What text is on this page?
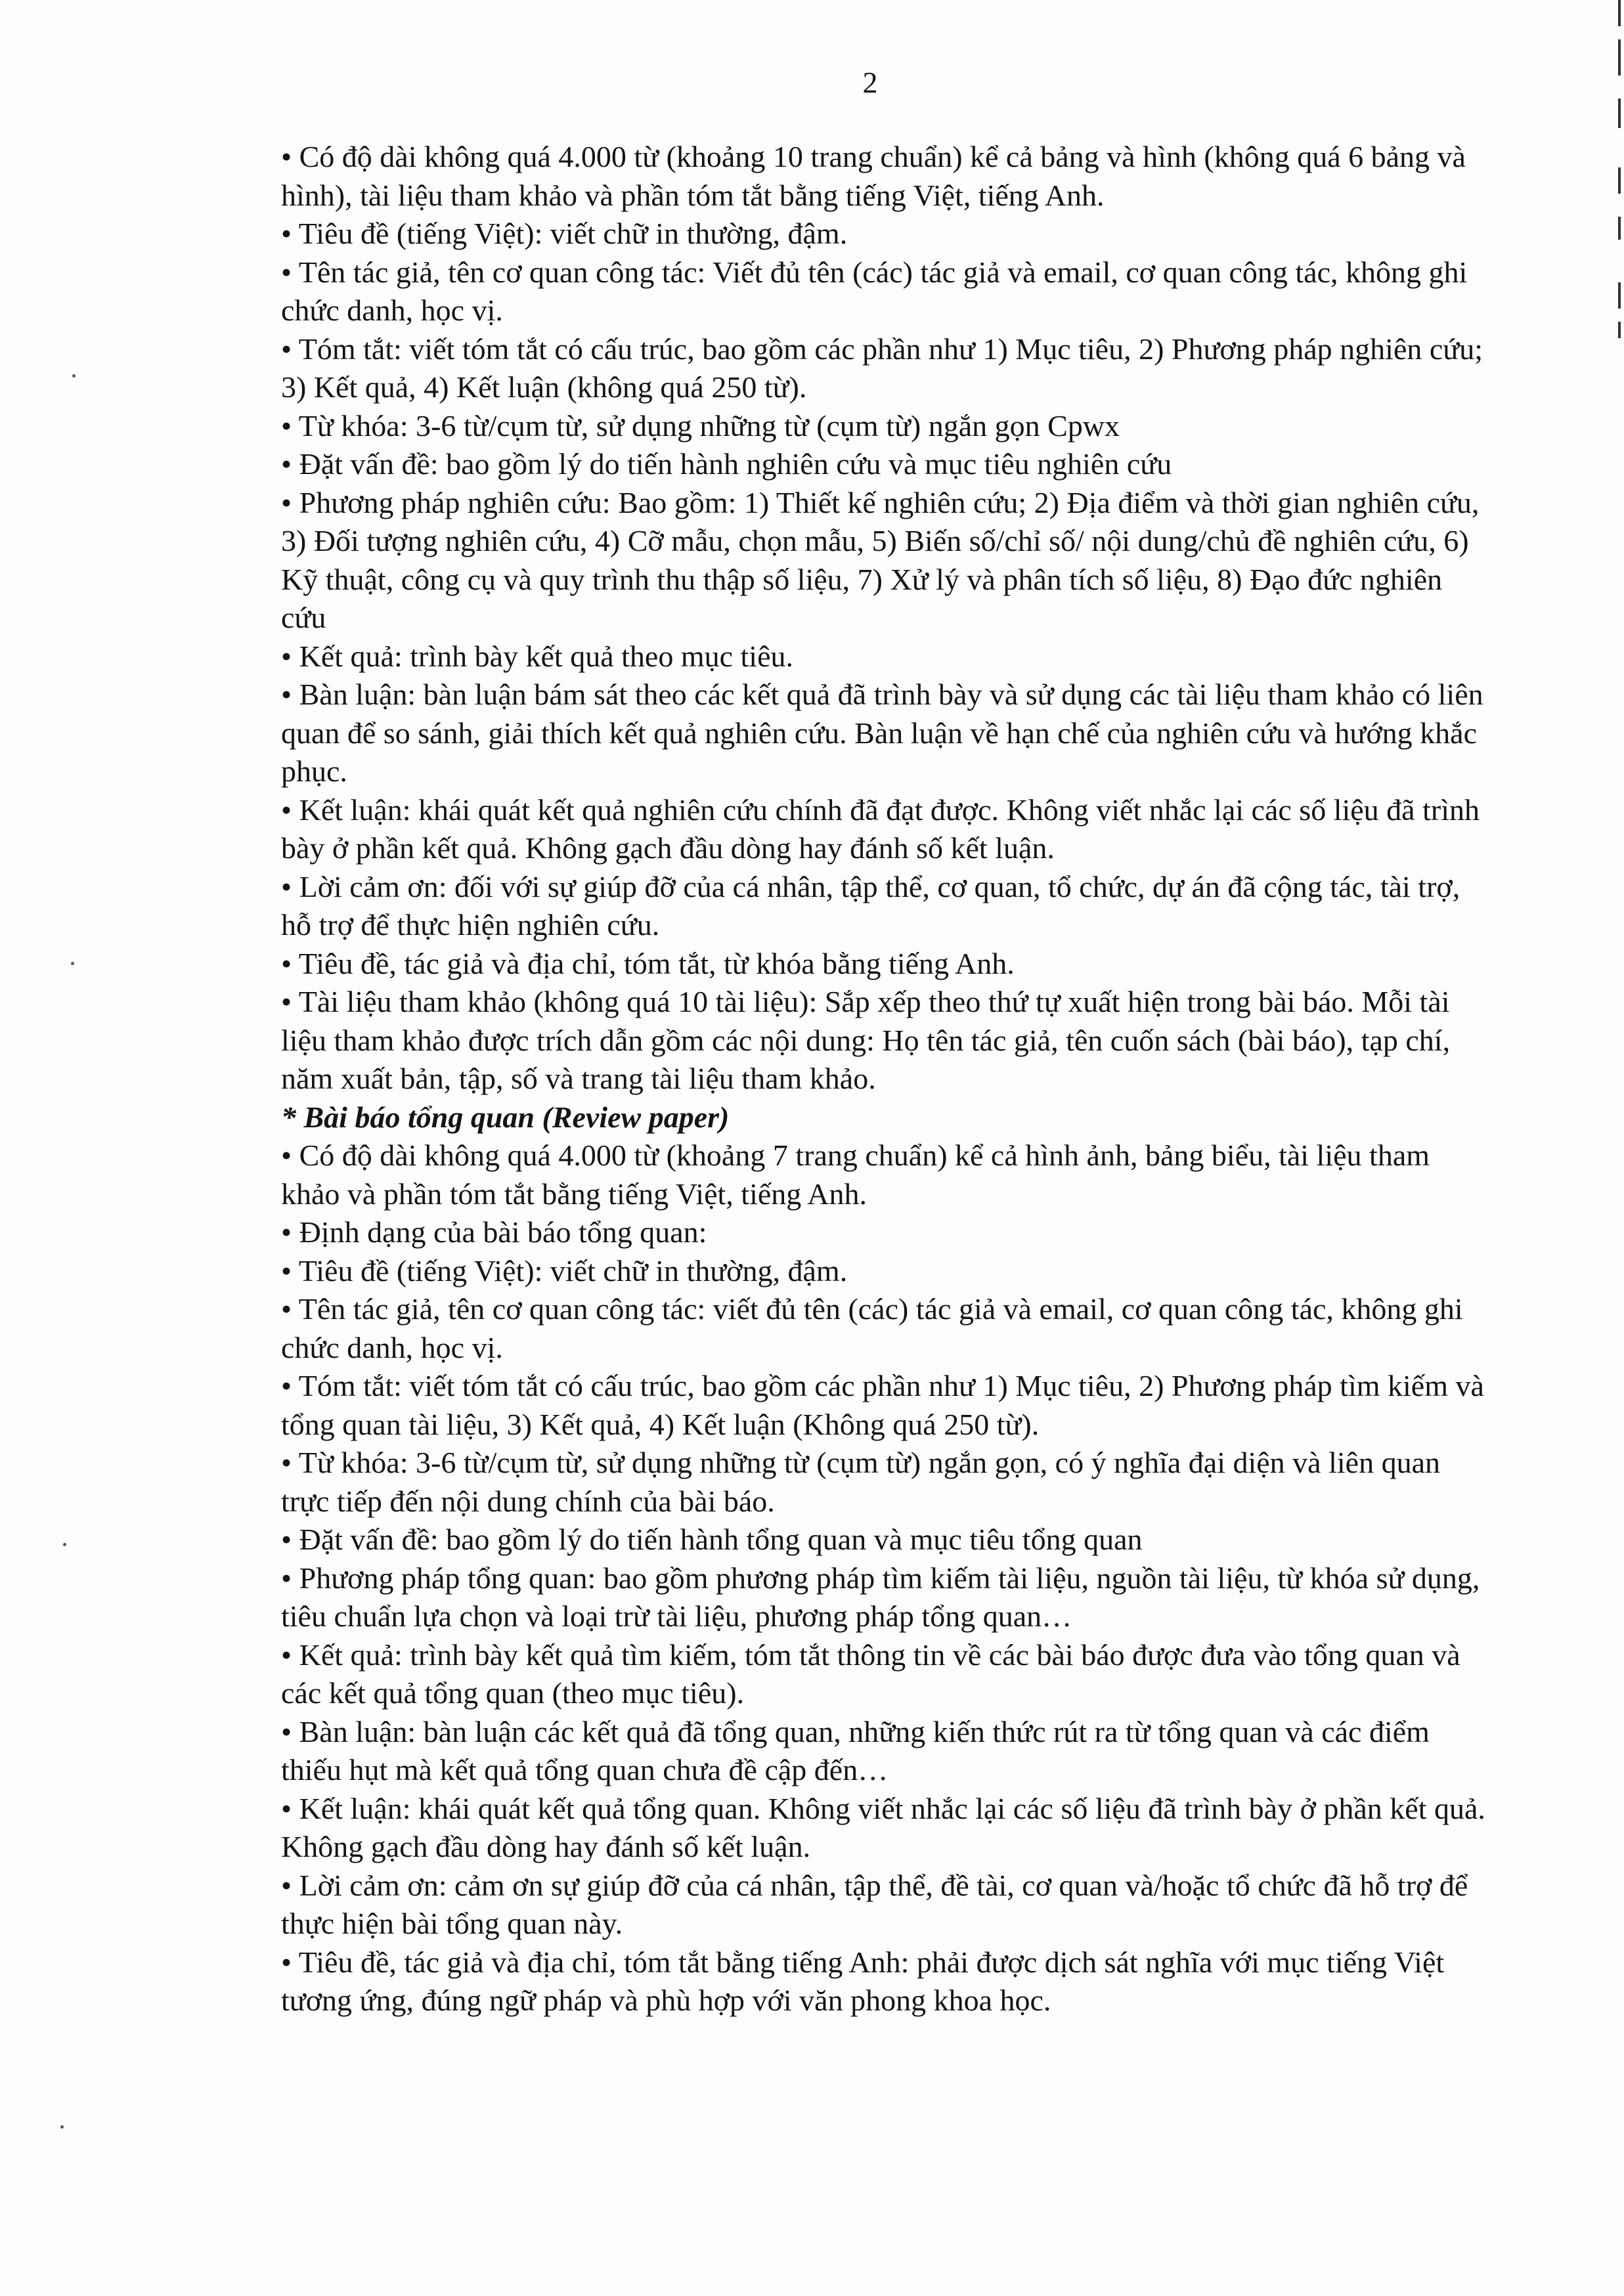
2

• Có độ dài không quá 4.000 từ (khoảng 10 trang chuẩn) kể cả bảng và hình (không quá 6 bảng và hình), tài liệu tham khảo và phần tóm tắt bằng tiếng Việt, tiếng Anh.

• Tiêu đề (tiếng Việt): viết chữ in thường, đậm.

• Tên tác giả, tên cơ quan công tác: Viết đủ tên (các) tác giả và email, cơ quan công tác, không ghi chức danh, học vị.

• Tóm tắt: viết tóm tắt có cấu trúc, bao gồm các phần như 1) Mục tiêu, 2) Phương pháp nghiên cứu; 3) Kết quả, 4) Kết luận (không quá 250 từ).

• Từ khóa: 3-6 từ/cụm từ, sử dụng những từ (cụm từ) ngắn gọn Cpwx

• Đặt vấn đề: bao gồm lý do tiến hành nghiên cứu và mục tiêu nghiên cứu

• Phương pháp nghiên cứu: Bao gồm: 1) Thiết kế nghiên cứu; 2) Địa điểm và thời gian nghiên cứu, 3) Đối tượng nghiên cứu, 4) Cỡ mẫu, chọn mẫu, 5) Biến số/chỉ số/ nội dung/chủ đề nghiên cứu, 6) Kỹ thuật, công cụ và quy trình thu thập số liệu, 7) Xử lý và phân tích số liệu, 8) Đạo đức nghiên cứu

• Kết quả: trình bày kết quả theo mục tiêu.

• Bàn luận: bàn luận bám sát theo các kết quả đã trình bày và sử dụng các tài liệu tham khảo có liên quan để so sánh, giải thích kết quả nghiên cứu. Bàn luận về hạn chế của nghiên cứu và hướng khắc phục.

• Kết luận: khái quát kết quả nghiên cứu chính đã đạt được. Không viết nhắc lại các số liệu đã trình bày ở phần kết quả. Không gạch đầu dòng hay đánh số kết luận.

• Lời cảm ơn: đối với sự giúp đỡ của cá nhân, tập thể, cơ quan, tổ chức, dự án đã cộng tác, tài trợ, hỗ trợ để thực hiện nghiên cứu.

• Tiêu đề, tác giả và địa chỉ, tóm tắt, từ khóa bằng tiếng Anh.

• Tài liệu tham khảo (không quá 10 tài liệu): Sắp xếp theo thứ tự xuất hiện trong bài báo. Mỗi tài liệu tham khảo được trích dẫn gồm các nội dung: Họ tên tác giả, tên cuốn sách (bài báo), tạp chí, năm xuất bản, tập, số và trang tài liệu tham khảo.

* Bài báo tổng quan (Review paper)

• Có độ dài không quá 4.000 từ (khoảng 7 trang chuẩn) kể cả hình ảnh, bảng biểu, tài liệu tham khảo và phần tóm tắt bằng tiếng Việt, tiếng Anh.

• Định dạng của bài báo tổng quan:

• Tiêu đề (tiếng Việt): viết chữ in thường, đậm.

• Tên tác giả, tên cơ quan công tác: viết đủ tên (các) tác giả và email, cơ quan công tác, không ghi chức danh, học vị.

• Tóm tắt: viết tóm tắt có cấu trúc, bao gồm các phần như 1) Mục tiêu, 2) Phương pháp tìm kiếm và tổng quan tài liệu, 3) Kết quả, 4) Kết luận (Không quá 250 từ).

• Từ khóa: 3-6 từ/cụm từ, sử dụng những từ (cụm từ) ngắn gọn, có ý nghĩa đại diện và liên quan trực tiếp đến nội dung chính của bài báo.

• Đặt vấn đề: bao gồm lý do tiến hành tổng quan và mục tiêu tổng quan

• Phương pháp tổng quan: bao gồm phương pháp tìm kiếm tài liệu, nguồn tài liệu, từ khóa sử dụng, tiêu chuẩn lựa chọn và loại trừ tài liệu, phương pháp tổng quan…

• Kết quả: trình bày kết quả tìm kiếm, tóm tắt thông tin về các bài báo được đưa vào tổng quan và các kết quả tổng quan (theo mục tiêu).

• Bàn luận: bàn luận các kết quả đã tổng quan, những kiến thức rút ra từ tổng quan và các điểm thiếu hụt mà kết quả tổng quan chưa đề cập đến…

• Kết luận: khái quát kết quả tổng quan. Không viết nhắc lại các số liệu đã trình bày ở phần kết quả. Không gạch đầu dòng hay đánh số kết luận.

• Lời cảm ơn: cảm ơn sự giúp đỡ của cá nhân, tập thể, đề tài, cơ quan và/hoặc tổ chức đã hỗ trợ để thực hiện bài tổng quan này.

• Tiêu đề, tác giả và địa chỉ, tóm tắt bằng tiếng Anh: phải được dịch sát nghĩa với mục tiếng Việt tương ứng, đúng ngữ pháp và phù hợp với văn phong khoa học.
